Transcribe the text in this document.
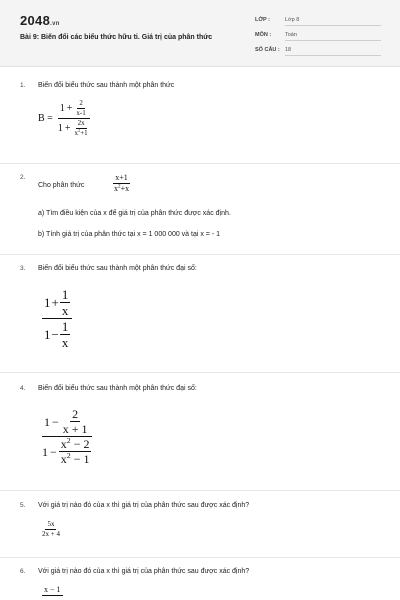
2048.vn
Bài 9: Biến đổi các biểu thức hữu tỉ. Giá trị của phân thức
LỚP :	Lớp 8
MÔN :	Toán
SỐ CÂU : 18
1.	Biến đổi biểu thức sau thành một phân thức
$B = \frac{1 + \frac{2}{x-1}}{1 + \frac{2x}{x^2+1}}$
2.
Cho phân thức	$\frac{x+1}{x^2+x}$
a) Tìm điều kiện của x để giá trị của phân thức được xác định.
b) Tính giá trị của phân thức tại x = 1 000 000 và tại x = - 1
3.	Biến đổi biểu thức sau thành một phân thức đại số:
$\frac{1 + \frac{1}{x}}{1 - \frac{1}{x}}$
4.	Biến đổi biểu thức sau thành một phân thức đại số:
$\frac{1 - \frac{2}{x + 1}}{1 - \frac{x^2 - 2}{x^2 - 1}}$
5.	Với giá trị nào đó của x thì giá trị của phân thức sau được xác định?
$\frac{5x}{2x + 4}$
6.	Với giá trị nào đó của x thì giá trị của phân thức sau được xác định?
x − 1
